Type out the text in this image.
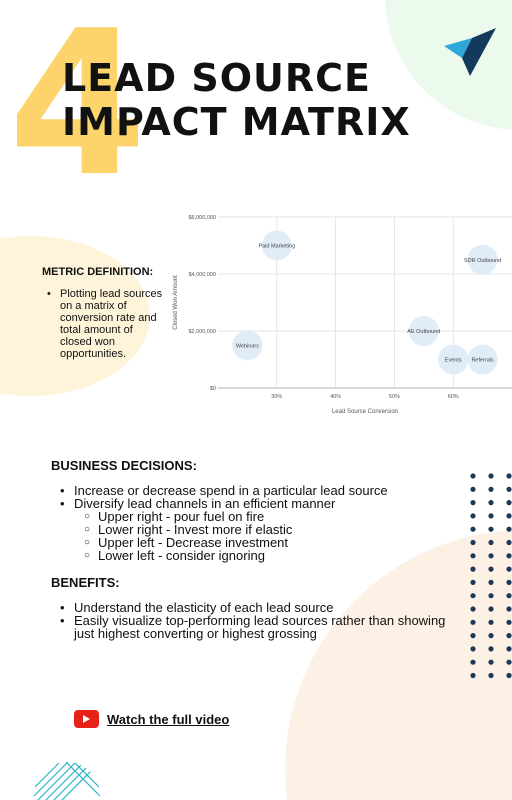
4
LEAD SOURCE
IMPACT MATRIX
METRIC DEFINITION:
• Plotting lead sources on a matrix of conversion rate and total amount of closed won opportunities.
Paid Marketing
SDR Outbound
AE Outbound
Webinars
Events Referrals
$0
$2,000,000
$4,000,000
$6,000,000
30%	40%	50%	60%
Lead Source Conversion
Closed Won Amount
BUSINESS DECISIONS:
• Increase or decrease spend in a particular lead source
• Diversify lead channels in an efficient manner
○ Upper right - pour fuel on fire
○ Lower right - Invest more if elastic
○ Upper left - Decrease investment
○ Lower left - consider ignoring
BENEFITS:
• Understand the elasticity of each lead source
• Easily visualize top-performing lead sources rather than showing just highest converting or highest grossing
Watch the full video
